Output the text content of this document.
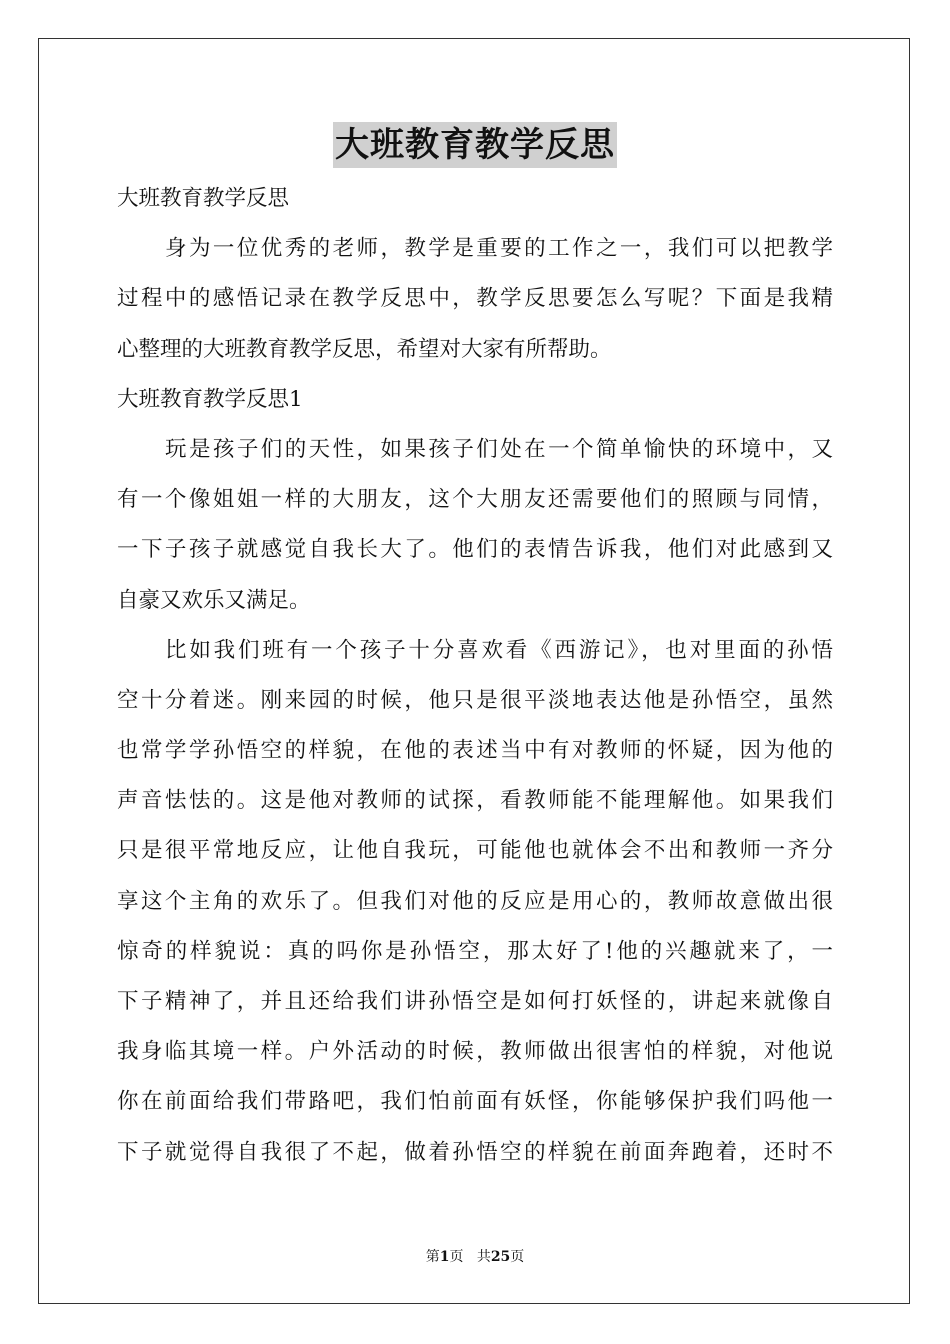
大班教育教学反思
大班教育教学反思
身为一位优秀的老师，教学是重要的工作之一，我们可以把教学
过程中的感悟记录在教学反思中，教学反思要怎么写呢？下面是我精
心整理的大班教育教学反思，希望对大家有所帮助。
大班教育教学反思1
玩是孩子们的天性，如果孩子们处在一个简单愉快的环境中，又
有一个像姐姐一样的大朋友，这个大朋友还需要他们的照顾与同情，
一下子孩子就感觉自我长大了。他们的表情告诉我，他们对此感到又
自豪又欢乐又满足。
比如我们班有一个孩子十分喜欢看《西游记》，也对里面的孙悟
空十分着迷。刚来园的时候，他只是很平淡地表达他是孙悟空，虽然
也常学学孙悟空的样貌，在他的表述当中有对教师的怀疑，因为他的
声音怯怯的。这是他对教师的试探，看教师能不能理解他。如果我们
只是很平常地反应，让他自我玩，可能他也就体会不出和教师一齐分
享这个主角的欢乐了。但我们对他的反应是用心的，教师故意做出很
惊奇的样貌说：真的吗你是孙悟空，那太好了!他的兴趣就来了，一
下子精神了，并且还给我们讲孙悟空是如何打妖怪的，讲起来就像自
我身临其境一样。户外活动的时候，教师做出很害怕的样貌，对他说
你在前面给我们带路吧，我们怕前面有妖怪，你能够保护我们吗他一
下子就觉得自我很了不起，做着孙悟空的样貌在前面奔跑着，还时不
第1页 共25页
